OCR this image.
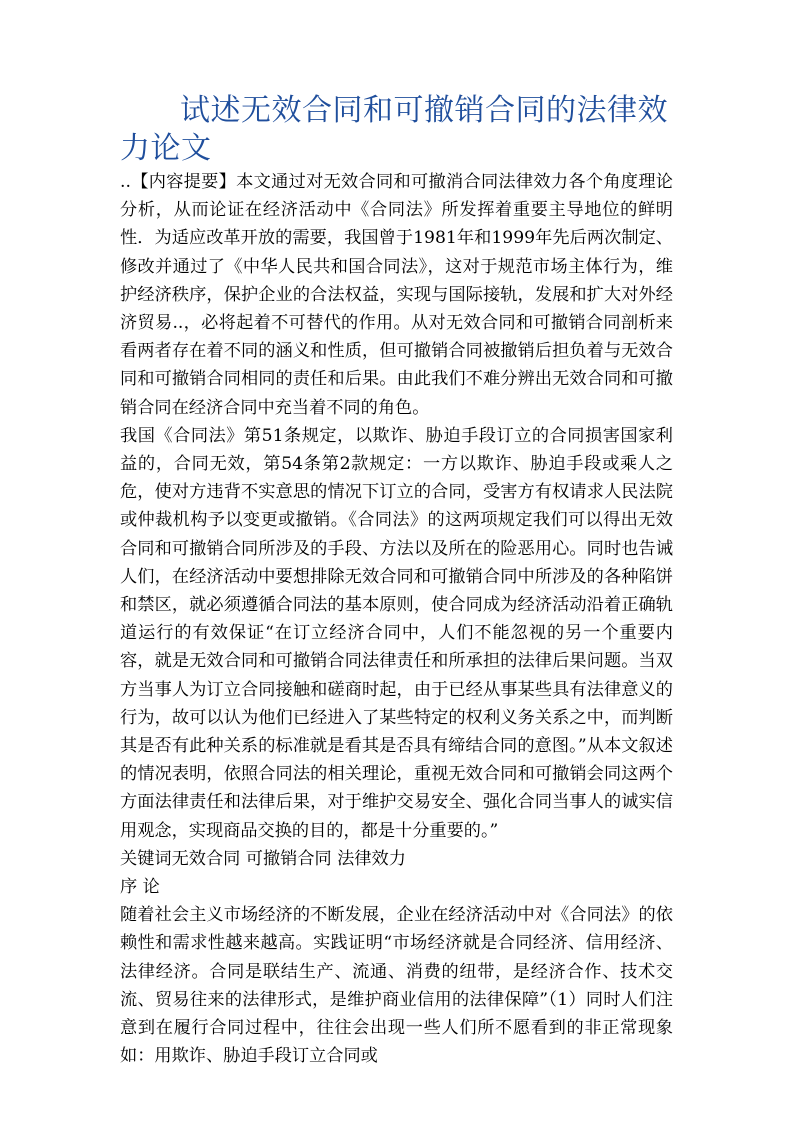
试述无效合同和可撤销合同的法律效力论文

..【内容提要】本文通过对无效合同和可撤消合同法律效力各个角度理论分析，从而论证在经济活动中《合同法》所发挥着重要主导地位的鲜明性．为适应改革开放的需要，我国曾于1981年和1999年先后两次制定、修改并通过了《中华人民共和国合同法》，这对于规范市场主体行为，维护经济秩序，保护企业的合法权益，实现与国际接轨，发展和扩大对外经济贸易..，必将起着不可替代的作用。从对无效合同和可撤销合同剖析来看两者存在着不同的涵义和性质，但可撤销合同被撤销后担负着与无效合同和可撤销合同相同的责任和后果。由此我们不难分辨出无效合同和可撤销合同在经济合同中充当着不同的角色。

我国《合同法》第51条规定，以欺诈、胁迫手段订立的合同损害国家利益的，合同无效，第54条第2款规定：一方以欺诈、胁迫手段或乘人之危，使对方违背不实意思的情况下订立的合同，受害方有权请求人民法院或仲裁机构予以变更或撤销。《合同法》的这两项规定我们可以得出无效合同和可撤销合同所涉及的手段、方法以及所在的险恶用心。同时也告诫人们，在经济活动中要想排除无效合同和可撤销合同中所涉及的各种陷饼和禁区，就必须遵循合同法的基本原则，使合同成为经济活动沿着正确轨道运行的有效保证“在订立经济合同中，人们不能忽视的另一个重要内容，就是无效合同和可撤销合同法律责任和所承担的法律后果问题。当双方当事人为订立合同接触和磋商时起，由于已经从事某些具有法律意义的行为，故可以认为他们已经进入了某些特定的权利义务关系之中，而判断其是否有此种关系的标准就是看其是否具有缔结合同的意图。”从本文叙述的情况表明，依照合同法的相关理论，重视无效合同和可撤销会同这两个方面法律责任和法律后果，对于维护交易安全、强化合同当事人的诚实信用观念，实现商品交换的目的，都是十分重要的。”

关键词无效合同 可撤销合同 法律效力

序 论

随着社会主义市场经济的不断发展，企业在经济活动中对《合同法》的依赖性和需求性越来越高。实践证明“市场经济就是合同经济、信用经济、法律经济。合同是联结生产、流通、消费的纽带，是经济合作、技术交流、贸易往来的法律形式，是维护商业信用的法律保障”（1）同时人们注意到在履行合同过程中，往往会出现一些人们所不愿看到的非正常现象如：用欺诈、胁迫手段订立合同或
